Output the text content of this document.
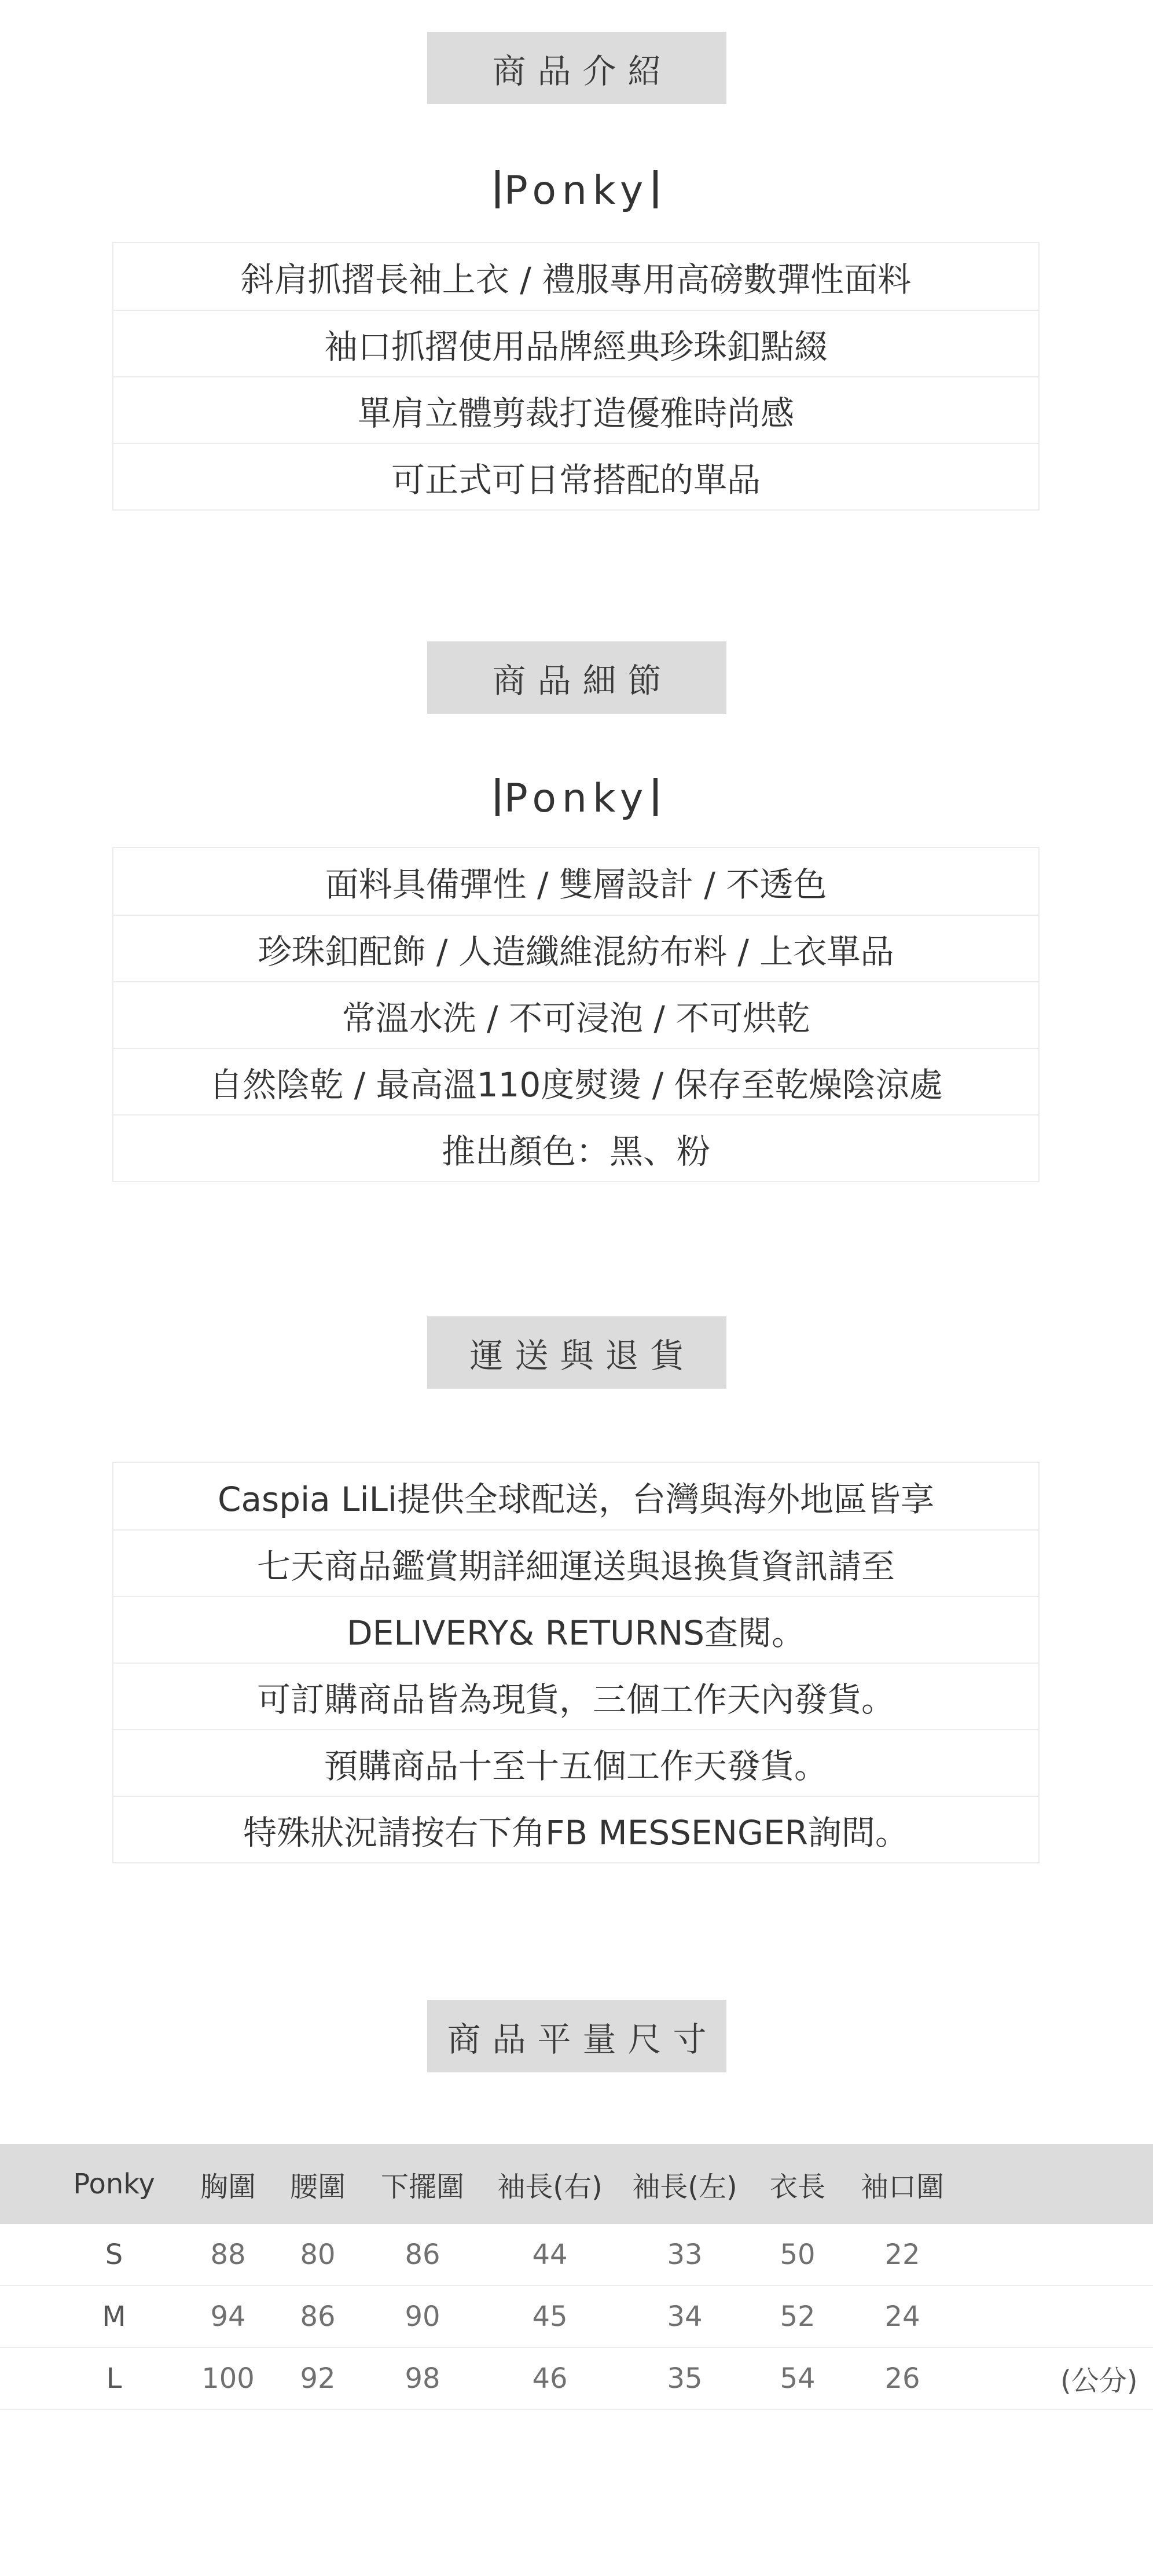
商品介紹
Ponky
斜肩抓摺長袖上衣 / 禮服專用高磅數彈性面料
袖口抓摺使用品牌經典珍珠釦點綴
單肩立體剪裁打造優雅時尚感
可正式可日常搭配的單品
商品細節
Ponky
面料具備彈性 / 雙層設計 / 不透色
珍珠釦配飾 / 人造纖維混紡布料 / 上衣單品
常溫水洗 / 不可浸泡 / 不可烘乾
自然陰乾 / 最高溫110度熨燙 / 保存至乾燥陰涼處
推出顏色：黑、粉
運送與退貨
Caspia LiLi提供全球配送，台灣與海外地區皆享
七天商品鑑賞期詳細運送與退換貨資訊請至
DELIVERY& RETURNS查閱。
可訂購商品皆為現貨，三個工作天內發貨。
預購商品十至十五個工作天發貨。
特殊狀況請按右下角FB MESSENGER詢問。
商品平量尺寸
Ponky 胸圍 腰圍 下擺圍 袖長(右) 袖長(左) 衣長 袖口圍
S	88 80 86	44	33	50 22
M	94 86 90	45	34	52 24
L	100 92 98	46	35	54 26	(公分)
